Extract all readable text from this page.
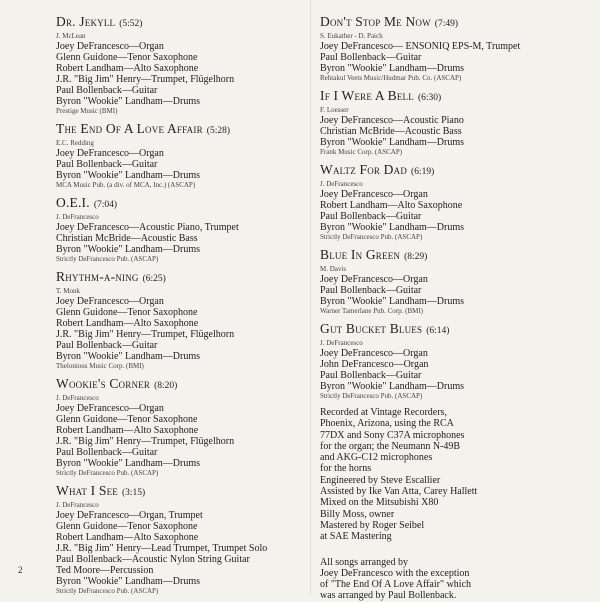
Dr. Jekyll (5:52)
J. McLean
Joey DeFrancesco—Organ
Glenn Guidone—Tenor Saxophone
Robert Landham—Alto Saxophone
J.R. "Big Jim" Henry—Trumpet, Flügelhorn
Paul Bollenback—Guitar
Byron "Wookie" Landham—Drums
Prestige Music (BMI)
The End Of A Love Affair (5:28)
E.C. Redding
Joey DeFrancesco—Organ
Paul Bollenback—Guitar
Byron "Wookie" Landham—Drums
MCA Music Pub. (a div. of MCA, Inc.) (ASCAP)
O.E.I. (7:04)
J. DeFrancesco
Joey DeFrancesco—Acoustic Piano, Trumpet
Christian McBride—Acoustic Bass
Byron "Wookie" Landham—Drums
Strictly DeFrancesco Pub. (ASCAP)
Rhythm-a-ning (6:25)
T. Monk
Joey DeFrancesco—Organ
Glenn Guidone—Tenor Saxophone
Robert Landham—Alto Saxophone
J.R. "Big Jim" Henry—Trumpet, Flügelhorn
Paul Bollenback—Guitar
Byron "Wookie" Landham—Drums
Thelonious Music Corp. (BMI)
Wookie's Corner (8:20)
J. DeFrancesco
Joey DeFrancesco—Organ
Glenn Guidone—Tenor Saxophone
Robert Landham—Alto Saxophone
J.R. "Big Jim" Henry—Trumpet, Flügelhorn
Paul Bollenback—Guitar
Byron "Wookie" Landham—Drums
Strictly DeFrancesco Pub. (ASCAP)
What I See (3:15)
J. DeFrancesco
Joey DeFrancesco—Organ, Trumpet
Glenn Guidone—Tenor Saxophone
Robert Landham—Alto Saxophone
J.R. "Big Jim" Henry—Lead Trumpet, Trumpet Solo
Paul Bollenback—Acoustic Nylon String Guitar
Ted Moore—Percussion
Byron "Wookie" Landham—Drums
Strictly DeFrancesco Pub. (ASCAP)
Don't Stop Me Now (7:49)
S. Eukather - D. Paich
Joey DeFrancesco— ENSONIQ EPS-M, Trumpet
Paul Bollenback—Guitar
Byron "Wookie" Landham—Drums
Rehtakul Veets Music/Hudmar Pub. Co. (ASCAP)
If I Were A Bell (6:30)
F. Loesser
Joey DeFrancesco—Acoustic Piano
Christian McBride—Acoustic Bass
Byron "Wookie" Landham—Drums
Frank Music Corp. (ASCAP)
Waltz For Dad (6:19)
J. DeFrancesco
Joey DeFrancesco—Organ
Robert Landham—Alto Saxophone
Paul Bollenback—Guitar
Byron "Wookie" Landham—Drums
Strictly DeFrancesco Pub. (ASCAP)
Blue In Green (8:29)
M. Davis
Joey DeFrancesco—Organ
Paul Bollenback—Guitar
Byron "Wookie" Landham—Drums
Warner Tamerlane Pub. Corp. (BMI)
Gut Bucket Blues (6:14)
J. DeFrancesco
Joey DeFrancesco—Organ
John DeFrancesco—Organ
Paul Bollenback—Guitar
Byron "Wookie" Landham—Drums
Strictly DeFrancesco Pub. (ASCAP)
Recorded at Vintage Recorders,
Phoenix, Arizona, using the RCA
77DX and Sony C37A microphones
for the organ; the Neumann N-49B
and AKG-C12 microphones
for the horns
Engineered by Steve Escallier
Assisted by Ike Van Atta, Carey Hallett
Mixed on the Mitsubishi X80
Billy Moss, owner
Mastered by Roger Seibel
at SAE Mastering
All songs arranged by
Joey DeFrancesco with the exception
of "The End Of A Love Affair" which
was arranged by Paul Bollenback.
2
